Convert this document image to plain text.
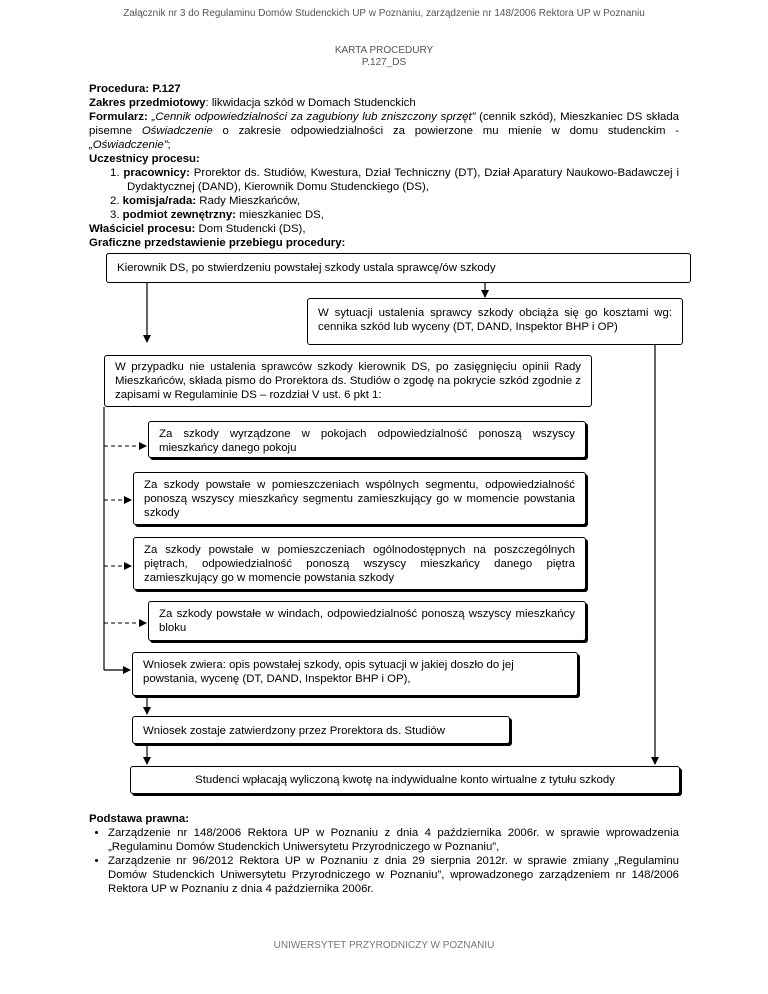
Załącznik nr 3 do Regulaminu Domów Studenckich UP w Poznaniu, zarządzenie nr 148/2006 Rektora UP w Poznaniu
KARTA PROCEDURY
P.127_DS
Procedura: P.127
Zakres przedmiotowy: likwidacja szkód w Domach Studenckich
Formularz: „Cennik odpowiedzialności za zagubiony lub zniszczony sprzęt” (cennik szkód), Mieszkaniec DS składa pisemne Oświadczenie o zakresie odpowiedzialności za powierzone mu mienie w domu studenckim - „Oświadczenie”;
Uczestnicy procesu:
1. pracownicy: Prorektor ds. Studiów, Kwestura, Dział Techniczny (DT), Dział Aparatury Naukowo-Badawczej i Dydaktycznej (DAND), Kierownik Domu Studenckiego (DS),
2. komisja/rada: Rady Mieszkańców,
3. podmiot zewnętrzny: mieszkaniec DS,
Właściciel procesu: Dom Studencki (DS),
Graficzne przedstawienie przebiegu procedury:
Kierownik DS, po stwierdzeniu powstałej szkody ustala sprawcę/ów szkody
W sytuacji ustalenia sprawcy szkody obciąża się go kosztami wg: cennika szkód lub wyceny (DT, DAND, Inspektor BHP i OP)
W przypadku nie ustalenia sprawców szkody kierownik DS, po zasięgnięciu opinii Rady Mieszkańców, składa pismo do Prorektora ds. Studiów o zgodę na pokrycie szkód zgodnie z zapisami w Regulaminie DS – rozdział V ust. 6 pkt 1:
Za szkody wyrządzone w pokojach odpowiedzialność ponoszą wszyscy mieszkańcy danego pokoju
Za szkody powstałe w pomieszczeniach wspólnych segmentu, odpowiedzialność ponoszą wszyscy mieszkańcy segmentu zamieszkujący go w momencie powstania szkody
Za szkody powstałe w pomieszczeniach ogólnodostępnych na poszczególnych piętrach, odpowiedzialność ponoszą wszyscy mieszkańcy danego piętra zamieszkujący go w momencie powstania szkody
Za szkody powstałe w windach, odpowiedzialność ponoszą wszyscy mieszkańcy bloku
Wniosek zwiera: opis powstałej szkody, opis sytuacji w jakiej doszło do jej powstania, wycenę (DT, DAND, Inspektor BHP i OP),
Wniosek zostaje zatwierdzony przez Prorektora ds. Studiów
Studenci wpłacają wyliczoną kwotę na indywidualne konto wirtualne z tytułu szkody
Podstawa prawna:
• Zarządzenie nr 148/2006 Rektora UP w Poznaniu z dnia 4 października 2006r. w sprawie wprowadzenia „Regulaminu Domów Studenckich Uniwersytetu Przyrodniczego w Poznaniu”,
• Zarządzenie nr 96/2012 Rektora UP w Poznaniu z dnia 29 sierpnia 2012r. w sprawie zmiany „Regulaminu Domów Studenckich Uniwersytetu Przyrodniczego w Poznaniu”, wprowadzonego zarządzeniem nr 148/2006 Rektora UP w Poznaniu z dnia 4 października 2006r.
UNIWERSYTET PRZYRODNICZY W POZNANIU
